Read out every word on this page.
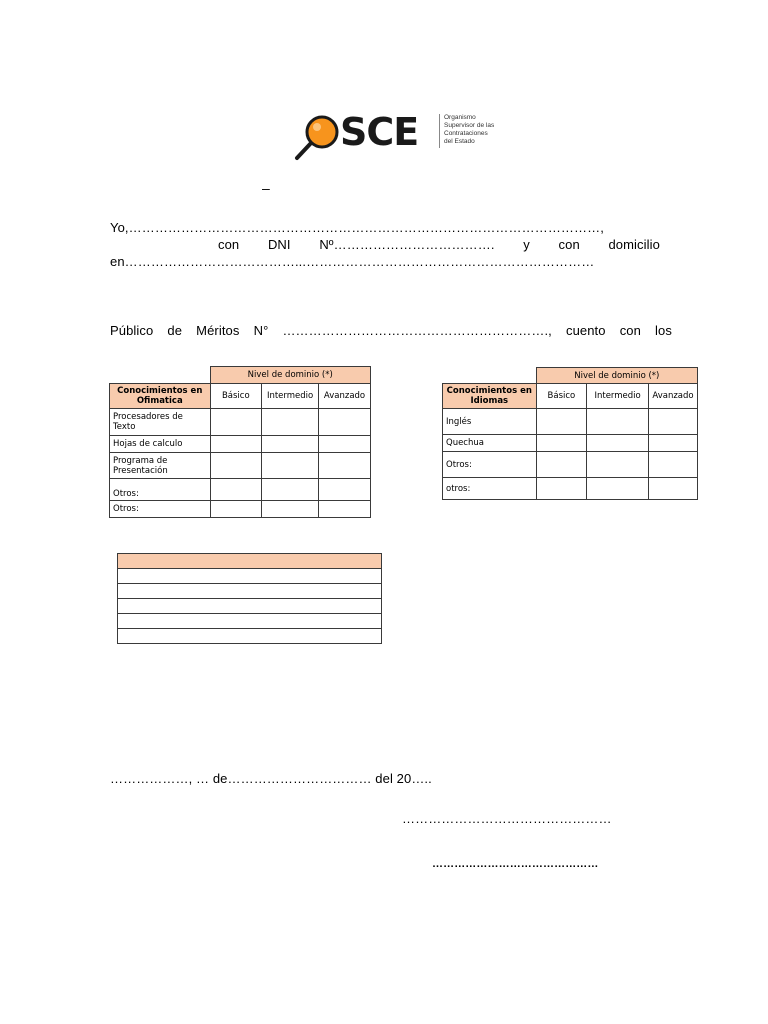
SCE	Organismo
Supervisor de las
Contrataciones
del Estado
–
Yo,………………………………………………………………………………………………,
con DNI Nº………………………………. y con domicilio
en…………………………………...…………………………………………………………
Público de Méritos N° ……………………………………………………., cuento con los
	Nivel de dominio (*)		
Conocimientos en Ofimatica	Básico	Intermedio	Avanzado
Procesadores de Texto			
Hojas de calculo			
Programa de Presentación			
Otros:			
Otros:			
	Nivel de dominio (*)		
Conocimientos en Idiomas	Básico	Intermedio	Avanzado
Inglés			
Quechua			
Otros:			
otros:			

………………, … de…………………………… del 20…..
…………………………………………
………………………………………
